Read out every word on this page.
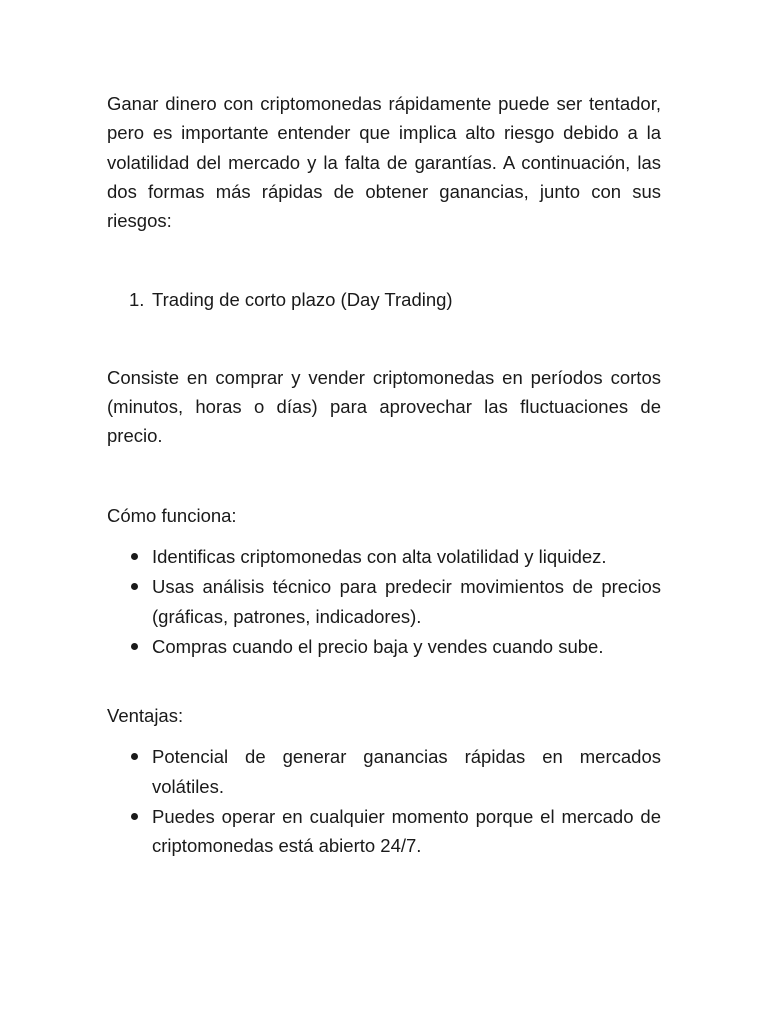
Ganar dinero con criptomonedas rápidamente puede ser tentador, pero es importante entender que implica alto riesgo debido a la volatilidad del mercado y la falta de garantías. A continuación, las dos formas más rápidas de obtener ganancias, junto con sus riesgos:

1. Trading de corto plazo (Day Trading)

Consiste en comprar y vender criptomonedas en períodos cortos (minutos, horas o días) para aprovechar las fluctuaciones de precio.

Cómo funciona:

Identificas criptomonedas con alta volatilidad y liquidez.
Usas análisis técnico para predecir movimientos de precios (gráficas, patrones, indicadores).
Compras cuando el precio baja y vendes cuando sube.

Ventajas:

Potencial de generar ganancias rápidas en mercados volátiles.
Puedes operar en cualquier momento porque el mercado de criptomonedas está abierto 24/7.
